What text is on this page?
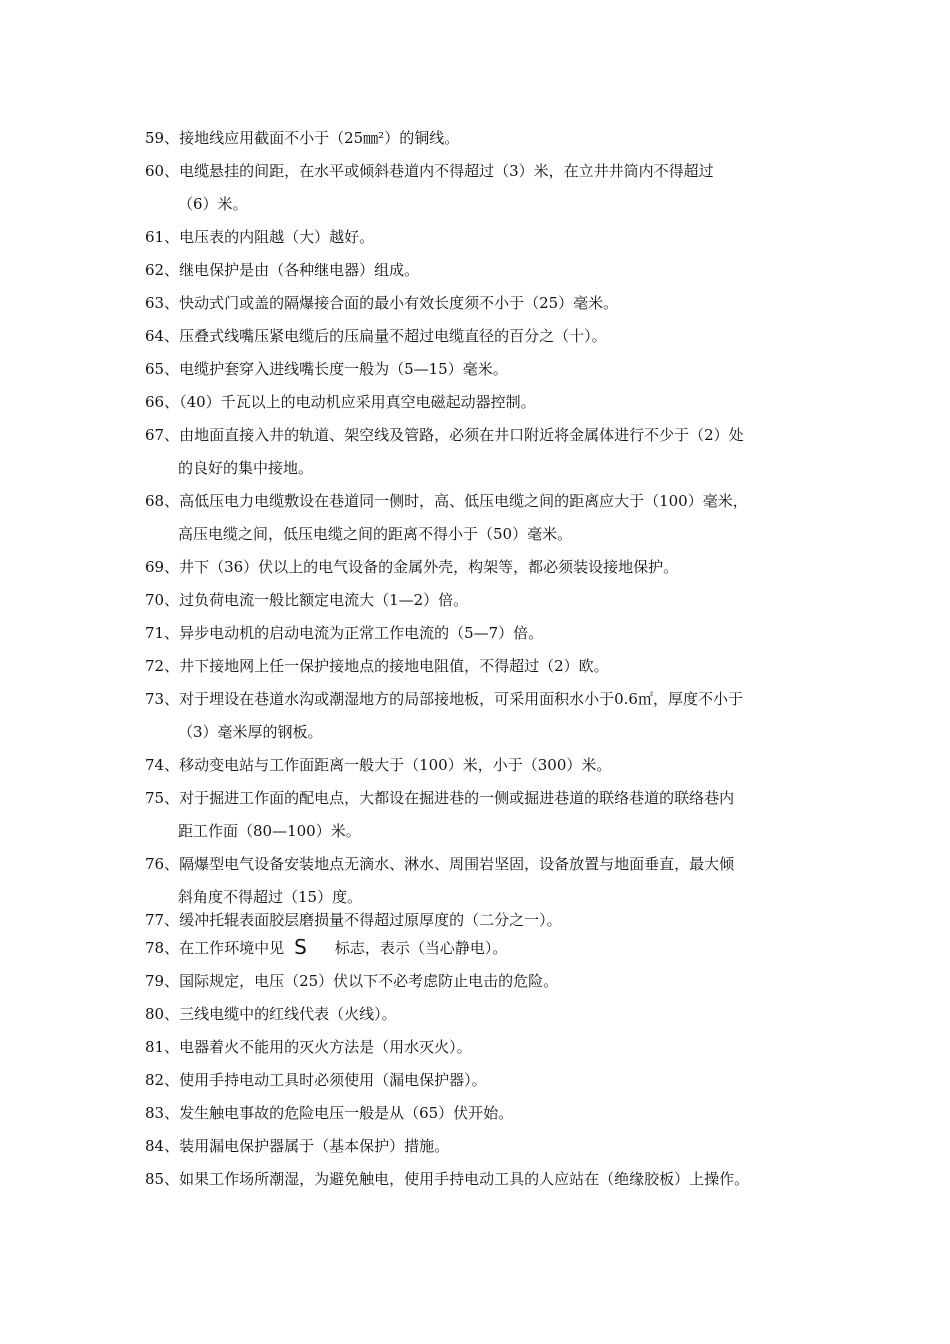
59、接地线应用截面不小于（25㎜²）的铜线。
60、电缆悬挂的间距，在水平或倾斜巷道内不得超过（3）米，在立井井筒内不得超过
（6）米。
61、电压表的内阻越（大）越好。
62、继电保护是由（各种继电器）组成。
63、快动式门或盖的隔爆接合面的最小有效长度须不小于（25）毫米。
64、压叠式线嘴压紧电缆后的压扁量不超过电缆直径的百分之（十）。
65、电缆护套穿入进线嘴长度一般为（5—15）毫米。
66、（40）千瓦以上的电动机应采用真空电磁起动器控制。
67、由地面直接入井的轨道、架空线及管路，必须在井口附近将金属体进行不少于（2）处
的良好的集中接地。
68、高低压电力电缆敷设在巷道同一侧时，高、低压电缆之间的距离应大于（100）毫米，
高压电缆之间，低压电缆之间的距离不得小于（50）毫米。
69、井下（36）伏以上的电气设备的金属外壳，构架等，都必须装设接地保护。
70、过负荷电流一般比额定电流大（1—2）倍。
71、异步电动机的启动电流为正常工作电流的（5—7）倍。
72、井下接地网上任一保护接地点的接地电阻值，不得超过（2）欧。
73、对于埋设在巷道水沟或潮湿地方的局部接地板，可采用面积水小于0.6㎡，厚度不小于
（3）毫米厚的钢板。
74、移动变电站与工作面距离一般大于（100）米，小于（300）米。
75、对于掘进工作面的配电点，大都设在掘进巷的一侧或掘进巷道的联络巷道的联络巷内
距工作面（80—100）米。
76、隔爆型电气设备安装地点无滴水、淋水、周围岩坚固，设备放置与地面垂直，最大倾
斜角度不得超过（15）度。
77、缓冲托辊表面胶层磨损量不得超过原厚度的（二分之一）。
78、在工作环境中见 S 标志，表示（当心静电）。
79、国际规定，电压（25）伏以下不必考虑防止电击的危险。
80、三线电缆中的红线代表（火线）。
81、电器着火不能用的灭火方法是（用水灭火）。
82、使用手持电动工具时必须使用（漏电保护器）。
83、发生触电事故的危险电压一般是从（65）伏开始。
84、装用漏电保护器属于（基本保护）措施。
85、如果工作场所潮湿，为避免触电，使用手持电动工具的人应站在（绝缘胶板）上操作。
